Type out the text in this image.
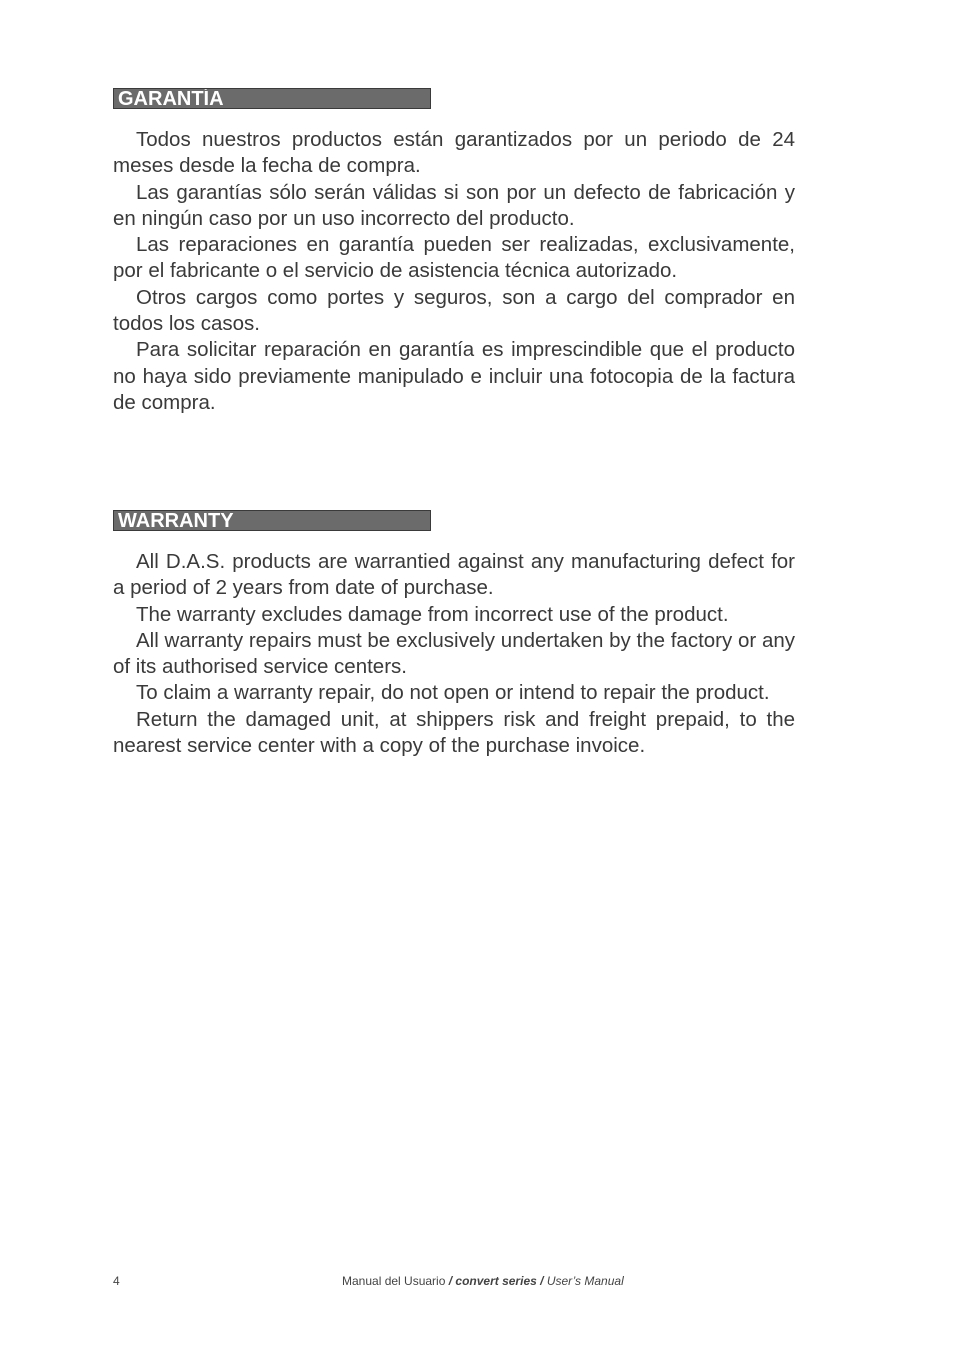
GARANTÍA

Todos nuestros productos están garantizados por un periodo de 24 meses desde la fecha de compra.

Las garantías sólo serán válidas si son por un defecto de fabricación y en ningún caso por un uso incorrecto del producto.

Las reparaciones en garantía pueden ser realizadas, exclusivamente, por el fabricante o el servicio de asistencia técnica autorizado.

Otros cargos como portes y seguros, son a cargo del comprador en todos los casos.

Para solicitar reparación en garantía es imprescindible que el producto no haya sido previamente manipulado e incluir una fotocopia de la factura de compra.

WARRANTY

All D.A.S. products are warrantied against any manufacturing defect for a period of 2 years from date of purchase.

The warranty excludes damage from incorrect use of the product.

All warranty repairs must be exclusively undertaken by the factory or any of its authorised service centers.

To claim a warranty repair, do not open or intend to repair the product.

Return the damaged unit, at shippers risk and freight prepaid, to the nearest service center with a copy of the purchase invoice.

4	Manual del Usuario / convert series / User’s Manual
